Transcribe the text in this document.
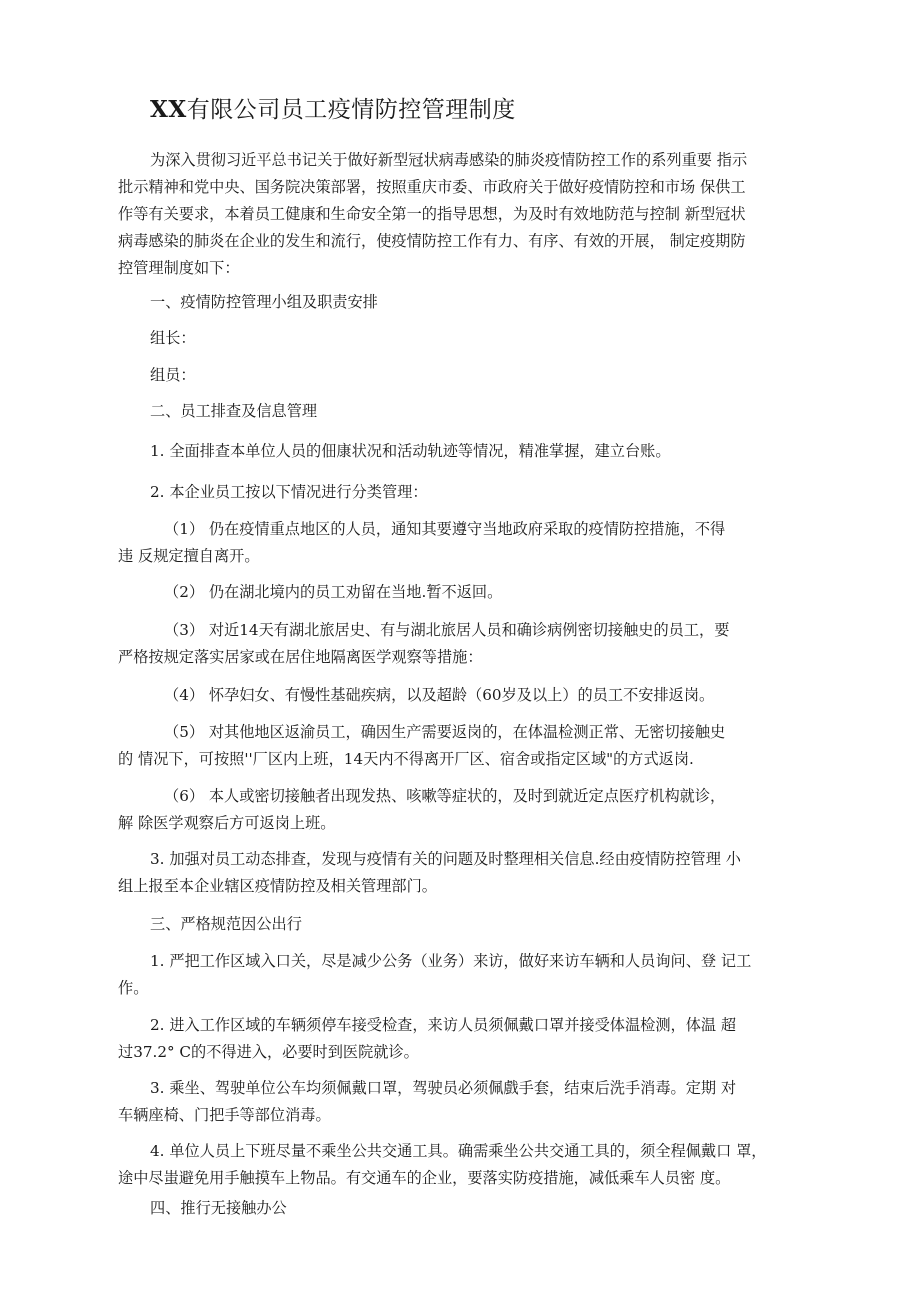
XX有限公司员工疫情防控管理制度
为深入贯彻习近平总书记关于做好新型冠状病毒感染的肺炎疫情防控工作的系列重要 指示
批示精神和党中央、国务院决策部署，按照重庆市委、市政府关于做好疫情防控和市场 保供工
作等有关要求，本着员工健康和生命安全第一的指导思想，为及时有效地防范与控制 新型冠状
病毒感染的肺炎在企业的发生和流行，使疫情防控工作有力、有序、有效的开展， 制定疫期防
控管理制度如下：
一、疫情防控管理小组及职责安排
组长：
组员：
二、员工排查及信息管理
1. 全面排查本单位人员的佃康状况和活动轨迹等情况，精准掌握，建立台账。
2. 本企业员工按以下情况进行分类管理：
（1） 仍在疫情重点地区的人员，通知其要遵守当地政府采取的疫情防控措施，不得
违 反规定擅自离开。
（2） 仍在湖北境内的员工劝留在当地.暂不返回。
（3） 对近14天有湖北旅居史、有与湖北旅居人员和确诊病例密切接触史的员工，要
严格按规定落实居家或在居住地隔离医学观察等措施：
（4） 怀孕妇女、有慢性基础疾病，以及超龄（60岁及以上）的员工不安排返岗。
（5） 对其他地区返渝员工，确因生产需要返岗的，在体温检测正常、无密切接触史
的 情况下，可按照''厂区内上班，14天内不得离开厂区、宿舍或指定区域"的方式返岗.
（6） 本人或密切接触者出现发热、咳嗽等症状的，及时到就近定点医疗机构就诊，
解 除医学观察后方可返岗上班。
3. 加强对员工动态排查，发现与疫情有关的问题及时整理相关信息.经由疫情防控管理 小
组上报至本企业辖区疫情防控及相关管理部门。
三、严格规范因公出行
1. 严把工作区域入口关，尽是减少公务（业务）来访，做好来访车辆和人员询问、登 记工
作。
2. 进入工作区域的车辆须停车接受检查，来访人员须佩戴口罩并接受体温检测，体温 超
过37.2° C的不得进入，必要时到医院就诊。
3. 乘坐、驾驶单位公车均须佩戴口罩，驾驶员必须佩戲手套，结束后洗手消毒。定期 对
车辆座椅、门把手等部位消毒。
4. 单位人员上下班尽量不乘坐公共交通工具。确需乘坐公共交通工具的，须全程佩戴口 罩，
途中尽蚩避免用手触摸车上物品。有交通车的企业，要落实防疫措施，减低乘车人员密 度。
四、推行无接触办公
